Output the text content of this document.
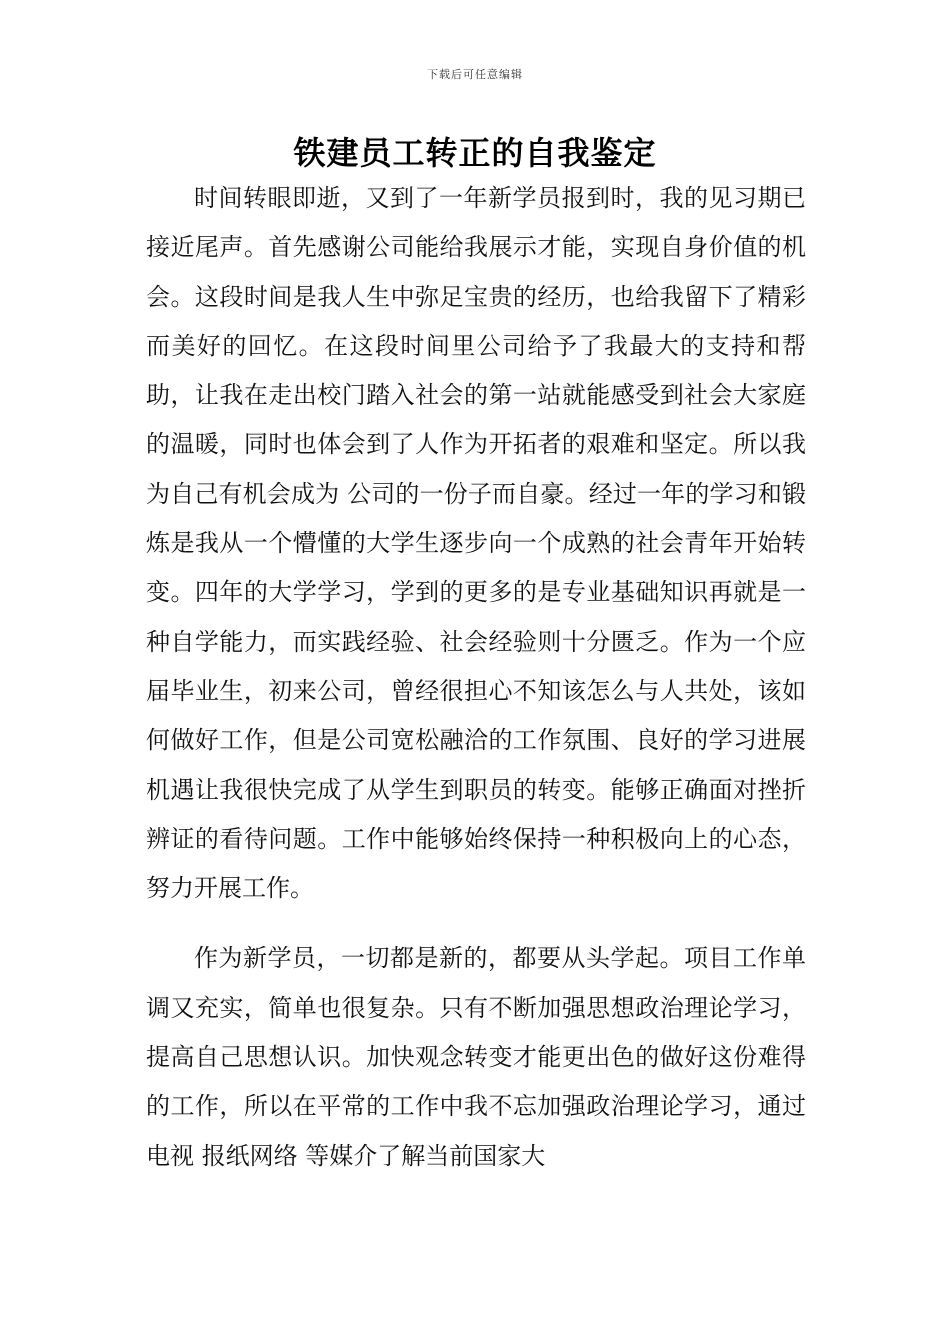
下载后可任意编辑
铁建员工转正的自我鉴定

时间转眼即逝，又到了一年新学员报到时，我的见习期已接近尾声。首先感谢公司能给我展示才能，实现自身价值的机会。这段时间是我人生中弥足宝贵的经历，也给我留下了精彩而美好的回忆。在这段时间里公司给予了我最大的支持和帮助，让我在走出校门踏入社会的第一站就能感受到社会大家庭的温暖，同时也体会到了人作为开拓者的艰难和坚定。所以我为自己有机会成为 公司的一份子而自豪。经过一年的学习和锻炼是我从一个懵懂的大学生逐步向一个成熟的社会青年开始转变。四年的大学学习，学到的更多的是专业基础知识再就是一种自学能力，而实践经验、社会经验则十分匮乏。作为一个应届毕业生，初来公司，曾经很担心不知该怎么与人共处，该如何做好工作，但是公司宽松融洽的工作氛围、良好的学习进展机遇让我很快完成了从学生到职员的转变。能够正确面对挫折辨证的看待问题。工作中能够始终保持一种积极向上的心态，努力开展工作。

作为新学员，一切都是新的，都要从头学起。项目工作单调又充实，简单也很复杂。只有不断加强思想政治理论学习，提高自己思想认识。加快观念转变才能更出色的做好这份难得的工作，所以在平常的工作中我不忘加强政治理论学习，通过电视 报纸网络 等媒介了解当前国家大
